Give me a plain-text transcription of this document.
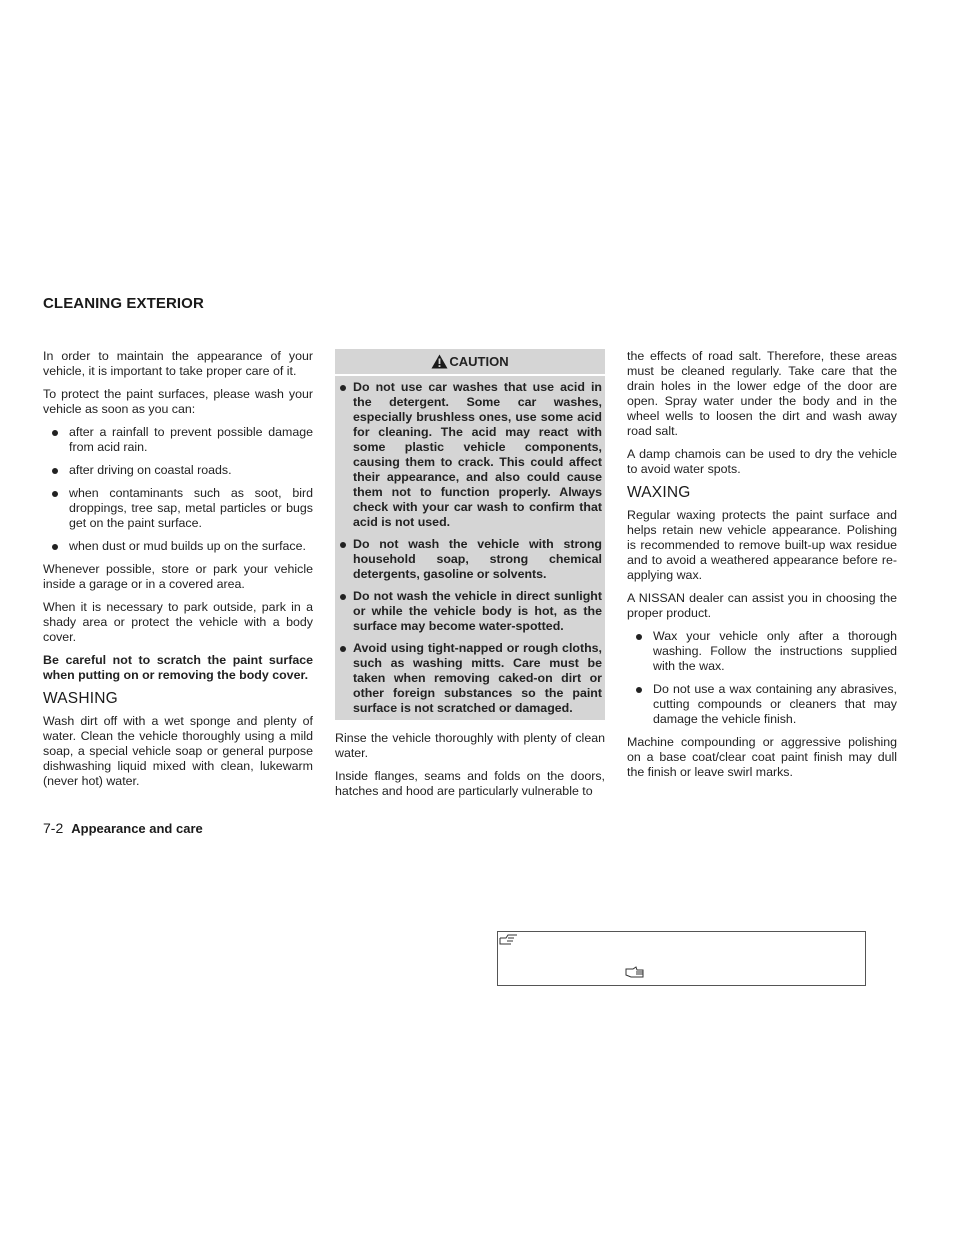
CLEANING EXTERIOR

In order to maintain the appearance of your vehicle, it is important to take proper care of it.

To protect the paint surfaces, please wash your vehicle as soon as you can:

after a rainfall to prevent possible damage from acid rain.
after driving on coastal roads.
when contaminants such as soot, bird droppings, tree sap, metal particles or bugs get on the paint surface.
when dust or mud builds up on the surface.

Whenever possible, store or park your vehicle inside a garage or in a covered area.

When it is necessary to park outside, park in a shady area or protect the vehicle with a body cover.

Be careful not to scratch the paint surface when putting on or removing the body cover.

WASHING

Wash dirt off with a wet sponge and plenty of water. Clean the vehicle thoroughly using a mild soap, a special vehicle soap or general purpose dishwashing liquid mixed with clean, lukewarm (never hot) water.

CAUTION
Do not use car washes that use acid in the detergent. Some car washes, especially brushless ones, use some acid for cleaning. The acid may react with some plastic vehicle components, causing them to crack. This could affect their appearance, and also could cause them not to function properly. Always check with your car wash to confirm that acid is not used.
Do not wash the vehicle with strong household soap, strong chemical detergents, gasoline or solvents.
Do not wash the vehicle in direct sunlight or while the vehicle body is hot, as the surface may become water-spotted.
Avoid using tight-napped or rough cloths, such as washing mitts. Care must be taken when removing caked-on dirt or other foreign substances so the paint surface is not scratched or damaged.

Rinse the vehicle thoroughly with plenty of clean water.

Inside flanges, seams and folds on the doors, hatches and hood are particularly vulnerable to

the effects of road salt. Therefore, these areas must be cleaned regularly. Take care that the drain holes in the lower edge of the door are open. Spray water under the body and in the wheel wells to loosen the dirt and wash away road salt.

A damp chamois can be used to dry the vehicle to avoid water spots.

WAXING

Regular waxing protects the paint surface and helps retain new vehicle appearance. Polishing is recommended to remove built-up wax residue and to avoid a weathered appearance before re-applying wax.

A NISSAN dealer can assist you in choosing the proper product.

Wax your vehicle only after a thorough washing. Follow the instructions supplied with the wax.
Do not use a wax containing any abrasives, cutting compounds or cleaners that may damage the vehicle finish.

Machine compounding or aggressive polishing on a base coat/clear coat paint finish may dull the finish or leave swirl marks.

7-2 Appearance and care
